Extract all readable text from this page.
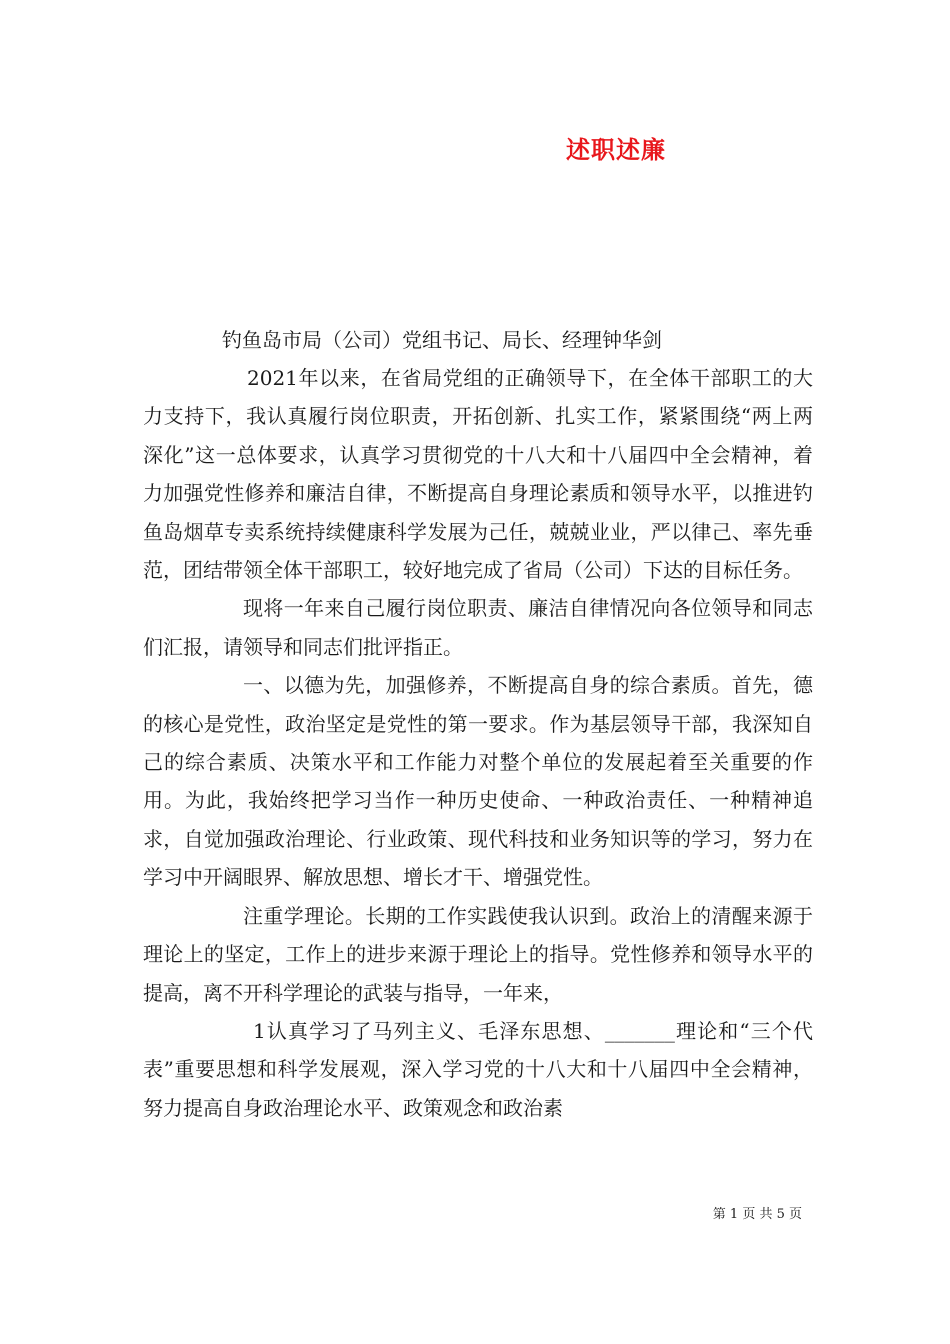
述职述廉
钓鱼岛市局（公司）党组书记、局长、经理钟华剑

2021年以来，在省局党组的正确领导下，在全体干部职工的大力支持下，我认真履行岗位职责，开拓创新、扎实工作，紧紧围绕“两上两深化”这一总体要求，认真学习贯彻党的十八大和十八届四中全会精神，着力加强党性修养和廉洁自律，不断提高自身理论素质和领导水平，以推进钓鱼岛烟草专卖系统持续健康科学发展为己任，兢兢业业，严以律己、率先垂范，团结带领全体干部职工，较好地完成了省局（公司）下达的目标任务。

现将一年来自己履行岗位职责、廉洁自律情况向各位领导和同志们汇报，请领导和同志们批评指正。

一、以德为先，加强修养，不断提高自身的综合素质。首先，德的核心是党性，政治坚定是党性的第一要求。作为基层领导干部，我深知自己的综合素质、决策水平和工作能力对整个单位的发展起着至关重要的作用。为此，我始终把学习当作一种历史使命、一种政治责任、一种精神追求，自觉加强政治理论、行业政策、现代科技和业务知识等的学习，努力在学习中开阔眼界、解放思想、增长才干、增强党性。

注重学理论。长期的工作实践使我认识到。政治上的清醒来源于理论上的坚定，工作上的进步来源于理论上的指导。党性修养和领导水平的提高，离不开科学理论的武装与指导，一年来，

1认真学习了马列主义、毛泽东思想、_______理论和“三个代表”重要思想和科学发展观，深入学习党的十八大和十八届四中全会精神，努力提高自身政治理论水平、政策观念和政治素

第 1 页 共 5 页
